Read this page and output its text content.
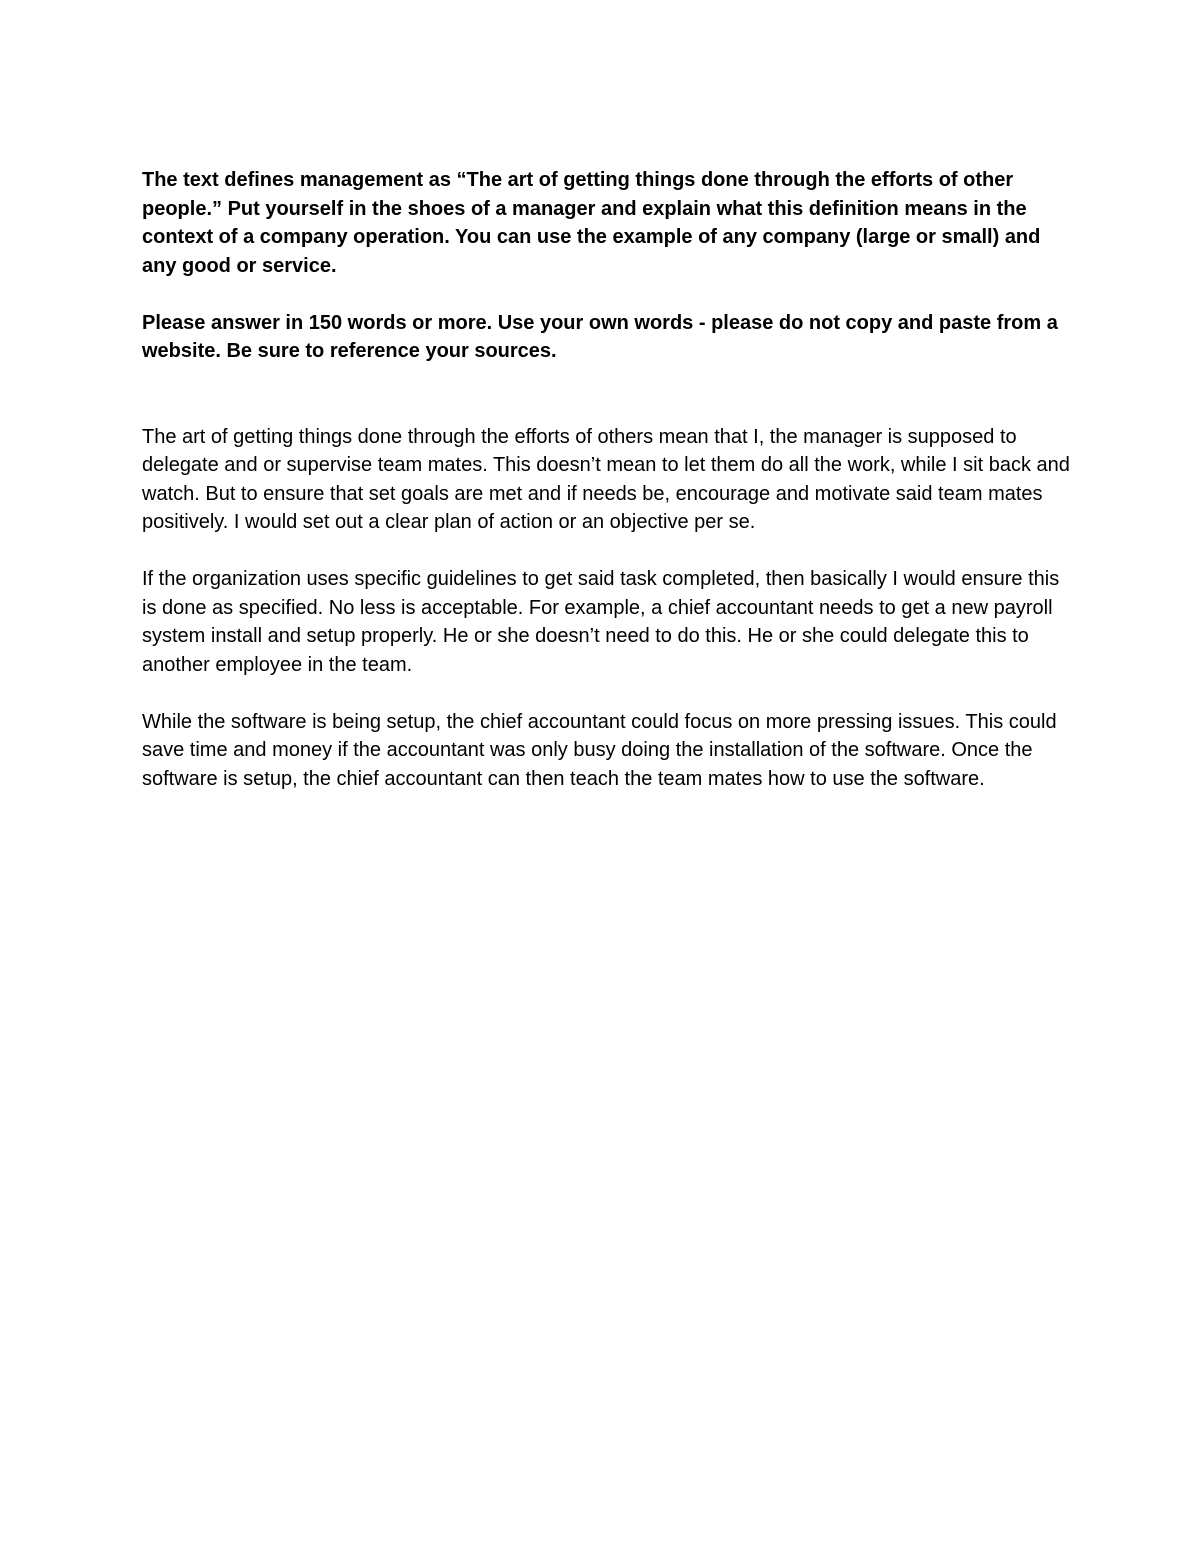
The text defines management as “The art of getting things done through the efforts of other people.” Put yourself in the shoes of a manager and explain what this definition means in the context of a company operation. You can use the example of any company (large or small) and any good or service.

Please answer in 150 words or more. Use your own words - please do not copy and paste from a website. Be sure to reference your sources.

The art of getting things done through the efforts of others mean that I, the manager is supposed to delegate and or supervise team mates. This doesn’t mean to let them do all the work, while I sit back and watch. But to ensure that set goals are met and if needs be, encourage and motivate said team mates positively. I would set out a clear plan of action or an objective per se.

If the organization uses specific guidelines to get said task completed, then basically I would ensure this is done as specified. No less is acceptable. For example, a chief accountant needs to get a new payroll system install and setup properly. He or she doesn’t need to do this. He or she could delegate this to another employee in the team.

While the software is being setup, the chief accountant could focus on more pressing issues. This could save time and money if the accountant was only busy doing the installation of the software. Once the software is setup, the chief accountant can then teach the team mates how to use the software.
